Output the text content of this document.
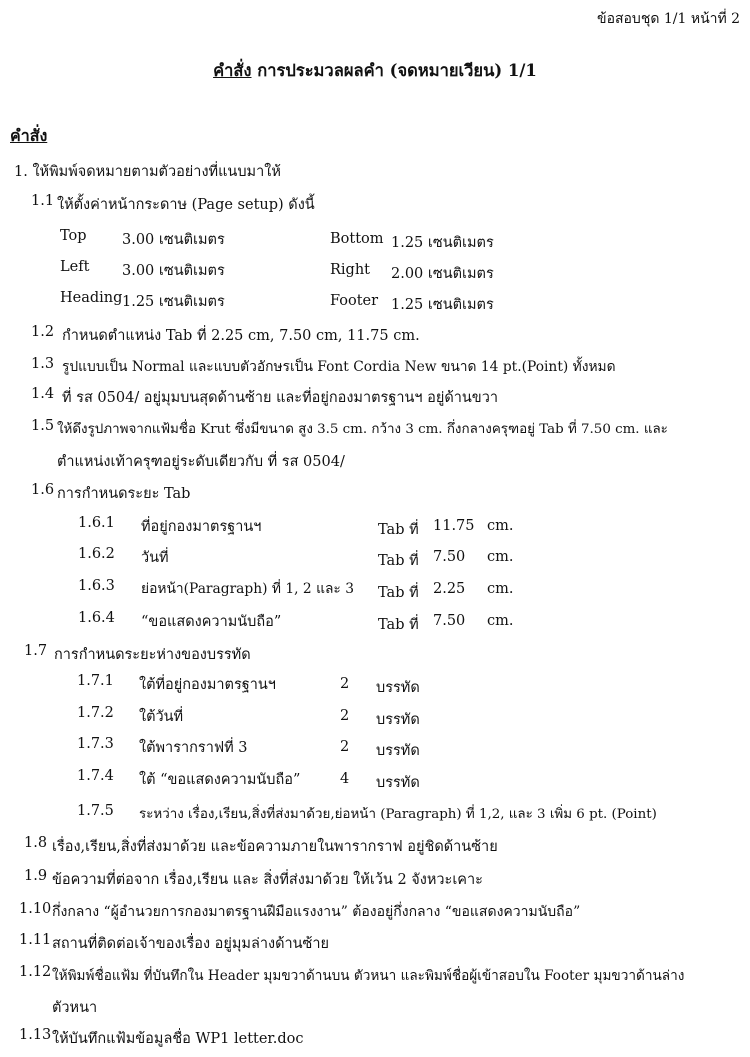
ข้อสอบชุด 1/1 หน้าที่ 2
คำสั่ง การประมวลผลคำ (จดหมายเวียน) 1/1
คำสั่ง
1. ให้พิมพ์จดหมายตามตัวอย่างที่แนบมาให้
1.1 ให้ตั้งค่าหน้ากระดาษ (Page setup) ดังนี้
Top 3.00 เซนติเมตร	Bottom 1.25 เซนติเมตร
Left 3.00 เซนติเมตร	Right 2.00 เซนติเมตร
Heading 1.25 เซนติเมตร	Footer 1.25 เซนติเมตร
1.2 กำหนดตำแหน่ง Tab ที่ 2.25 cm, 7.50 cm, 11.75 cm.
1.3 รูปแบบเป็น Normal และแบบตัวอักษรเป็น Font Cordia New ขนาด 14 pt.(Point) ทั้งหมด
1.4 ที่ รส 0504/ อยู่มุมบนสุดด้านซ้าย และที่อยู่กองมาตรฐานฯ อยู่ด้านขวา
1.5 ให้ดึงรูปภาพจากแฟ้มชื่อ Krut ซึ่งมีขนาด สูง 3.5 cm. กว้าง 3 cm. กึ่งกลางครุฑอยู่ Tab ที่ 7.50 cm. และ
ตำแหน่งเท้าครุฑอยู่ระดับเดียวกับ ที่ รส 0504/
1.6 การกำหนดระยะ Tab
1.6.1 ที่อยู่กองมาตรฐานฯ	Tab ที่ 11.75 cm.
1.6.2 วันที่	Tab ที่ 7.50 cm.
1.6.3 ย่อหน้า(Paragraph) ที่ 1, 2 และ 3 Tab ที่ 2.25 cm.
1.6.4 “ขอแสดงความนับถือ”	Tab ที่ 7.50 cm.
1.7 การกำหนดระยะห่างของบรรทัด
1.7.1 ใต้ที่อยู่กองมาตรฐานฯ	2 บรรทัด
1.7.2 ใต้วันที่	2 บรรทัด
1.7.3 ใต้พารากราฟที่ 3	2 บรรทัด
1.7.4 ใต้ “ขอแสดงความนับถือ”	4 บรรทัด
1.7.5 ระหว่าง เรื่อง,เรียน,สิ่งที่ส่งมาด้วย,ย่อหน้า (Paragraph) ที่ 1,2, และ 3 เพิ่ม 6 pt. (Point)
1.8 เรื่อง,เรียน,สิ่งที่ส่งมาด้วย และข้อความภายในพารากราฟ อยู่ชิดด้านซ้าย
1.9 ข้อความที่ต่อจาก เรื่อง,เรียน และ สิ่งที่ส่งมาด้วย ให้เว้น 2 จังหวะเคาะ
1.10 กึ่งกลาง “ผู้อำนวยการกองมาตรฐานฝีมือแรงงาน” ต้องอยู่กึ่งกลาง “ขอแสดงความนับถือ”
1.11 สถานที่ติดต่อเจ้าของเรื่อง อยู่มุมล่างด้านซ้าย
1.12 ให้พิมพ์ชื่อแฟ้ม ที่บันทึกใน Header มุมขวาด้านบน ตัวหนา และพิมพ์ชื่อผู้เข้าสอบใน Footer มุมขวาด้านล่าง
ตัวหนา
1.13 ให้บันทึกแฟ้มข้อมูลชื่อ WP1 letter.doc
